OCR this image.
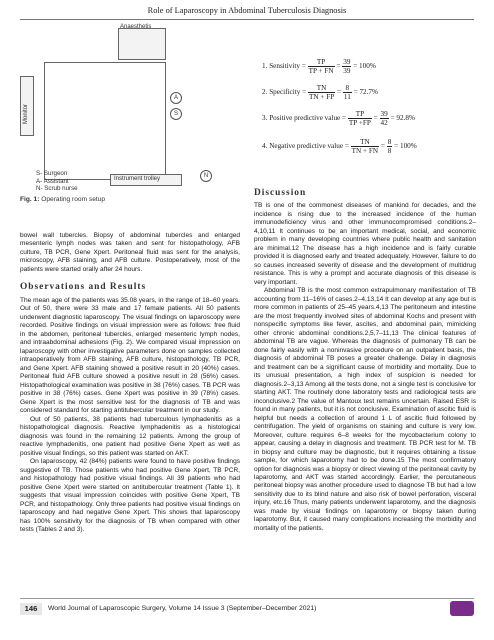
Role of Laparoscopy in Abdominal Tuberculosis Diagnosis
Anaesthetis
Monitor
A
S
N
Instrument trolley
S- Surgeon
A- Assistant
N- Scrub nurse
Fig. 1: Operating room setup
1. Sensitivity = $\frac{TP}{TP + FN} = \frac{39}{39} = 100\%$
2. Specificity = $\frac{TN}{TN + FP} = \frac{8}{11} = 72.7\%$
3. Positive predictive value = $\frac{TP}{TP +FP} = \frac{39}{42} = 92.8\%$
4. Negative predictive value = $\frac{TN}{TN + FN} = \frac{8}{8} = 100\%$

bowel wall tubercles. Biopsy of abdominal tubercles and enlarged mesenteric lymph nodes was taken and sent for histopathology, AFB culture, TB PCR, Gene Xpert. Peritoneal fluid was sent for the analysis, microscopy, AFB staining, and AFB culture. Postoperatively, most of the patients were started orally after 24 hours.

Observations and Results

The mean age of the patients was 35.08 years, in the range of 18–60 years. Out of 50, there were 33 male and 17 female patients. All 50 patients underwent diagnostic laparoscopy. The visual findings on laparoscopy were recorded. Positive findings on visual impression were as follows: free fluid in the abdomen, peritoneal tubercles, enlarged mesenteric lymph nodes, and intraabdominal adhesions (Fig. 2). We compared visual impression on laparoscopy with other investigative parameters done on samples collected intraoperatively from AFB staining, AFB culture, histopathology, TB PCR, and Gene Xpert. AFB staining showed a positive result in 20 (40%) cases. Peritoneal fluid AFB culture showed a positive result in 28 (56%) cases. Histopathological examination was positive in 38 (76%) cases. TB PCR was positive in 38 (76%) cases. Gene Xpert was positive in 39 (78%) cases. Gene Xpert is the most sensitive test for the diagnosis of TB and was considered standard for starting antitubercular treatment in our study.

Out of 50 patients, 38 patients had tuberculous lymphadenitis as a histopathological diagnosis. Reactive lymphadenitis as a histological diagnosis was found in the remaining 12 patients. Among the group of reactive lymphadenitis, one patient had positive Gene Xpert as well as positive visual findings, so this patient was started on AKT.

On laparoscopy, 42 (84%) patients were found to have positive findings suggestive of TB. Those patients who had positive Gene Xpert, TB PCR, and histopathology had positive visual findings. All 39 patients who had positive Gene Xpert were started on antitubercular treatment (Table 1). It suggests that visual impression coincides with positive Gene Xpert, TB PCR, and histopathology. Only three patients had positive visual findings on laparoscopy and had negative Gene Xpert. This shows that laparoscopy has 100% sensitivity for the diagnosis of TB when compared with other tests (Tables 2 and 3).

Discussion

TB is one of the commonest diseases of mankind for decades, and the incidence is rising due to the increased incidence of the human immunodeficiency virus and other immunocompromised conditions.2–4,10,11 It continues to be an important medical, social, and economic problem in many developing countries where public health and sanitation are minimal.12 The disease has a high incidence and is fairly curable provided it is diagnosed early and treated adequately. However, failure to do so causes increased severity of disease and the development of multidrug resistance. This is why a prompt and accurate diagnosis of this disease is very important.

Abdominal TB is the most common extrapulmonary manifestation of TB accounting from 11–16% of cases.2–4,13,14 It can develop at any age but is more common in patients of 25–45 years.4,13 The peritoneum and intestine are the most frequently involved sites of abdominal Kochs and present with nonspecific symptoms like fever, ascites, and abdominal pain, mimicking other chronic abdominal conditions.2,5,7–11,13 The clinical features of abdominal TB are vague. Whereas the diagnosis of pulmonary TB can be done fairly easily with a noninvasive procedure on an outpatient basis, the diagnosis of abdominal TB poses a greater challenge. Delay in diagnosis and treatment can be a significant cause of morbidity and mortality. Due to its unusual presentation, a high index of suspicion is needed for diagnosis.2–3,13 Among all the tests done, not a single test is conclusive for starting AKT. The routinely done laboratory tests and radiological tests are inconclusive.2 The value of Mantoux test remains uncertain. Raised ESR is found in many patients, but it is not conclusive. Examination of ascitic fluid is helpful but needs a collection of around 1 L of ascitic fluid followed by centrifugation. The yield of organisms on staining and culture is very low. Moreover, culture requires 6–8 weeks for the mycobacterium colony to appear, causing a delay in diagnosis and treatment. TB PCR test for M. TB in biopsy and culture may be diagnostic, but it requires obtaining a tissue sample, for which laparotomy had to be done.15 The most confirmatory option for diagnosis was a biopsy or direct viewing of the peritoneal cavity by laparotomy, and AKT was started accordingly. Earlier, the percutaneous peritoneal biopsy was another procedure used to diagnose TB but had a low sensitivity due to its blind nature and also risk of bowel perforation, visceral injury, etc.16 Thus, many patients underwent laparotomy, and the diagnosis was made by visual findings on laparotomy or biopsy taken during laparotomy. But, it caused many complications increasing the morbidity and mortality of the patients.

146	World Journal of Laparoscopic Surgery, Volume 14 Issue 3 (September–December 2021)
